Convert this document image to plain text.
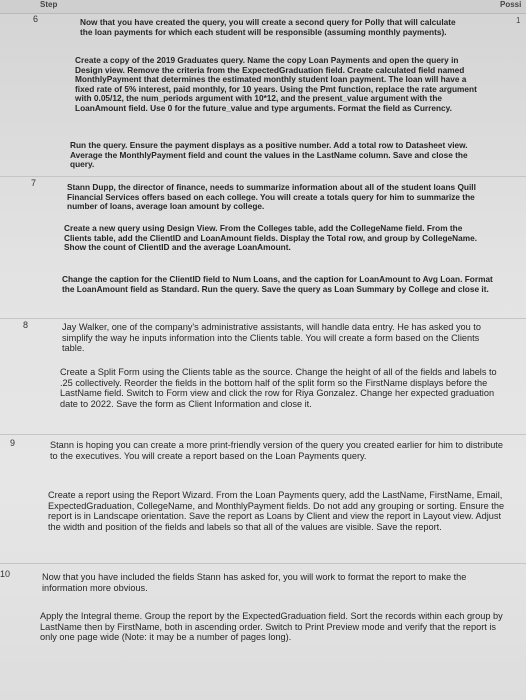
Step	Possi
1
6	Now that you have created the query, you will create a second query for Polly that will calculate the loan payments for which each student will be responsible (assuming monthly payments).

Create a copy of the 2019 Graduates query. Name the copy Loan Payments and open the query in Design view. Remove the criteria from the ExpectedGraduation field. Create calculated field named MonthlyPayment that determines the estimated monthly student loan payment. The loan will have a fixed rate of 5% interest, paid monthly, for 10 years. Using the Pmt function, replace the rate argument with 0.05/12, the num_periods argument with 10*12, and the present_value argument with the LoanAmount field. Use 0 for the future_value and type arguments. Format the field as Currency.

Run the query. Ensure the payment displays as a positive number. Add a total row to Datasheet view. Average the MonthlyPayment field and count the values in the LastName column. Save and close the query.

7	Stann Dupp, the director of finance, needs to summarize information about all of the student loans Quill Financial Services offers based on each college. You will create a totals query for him to summarize the number of loans, average loan amount by college.

Create a new query using Design View. From the Colleges table, add the CollegeName field. From the Clients table, add the ClientID and LoanAmount fields. Display the Total row, and group by CollegeName. Show the count of ClientID and the average LoanAmount.

Change the caption for the ClientID field to Num Loans, and the caption for LoanAmount to Avg Loan. Format the LoanAmount field as Standard. Run the query. Save the query as Loan Summary by College and close it.

8	Jay Walker, one of the company's administrative assistants, will handle data entry. He has asked you to simplify the way he inputs information into the Clients table. You will create a form based on the Clients table.

Create a Split Form using the Clients table as the source. Change the height of all of the fields and labels to .25 collectively. Reorder the fields in the bottom half of the split form so the FirstName displays before the LastName field. Switch to Form view and click the row for Riya Gonzalez. Change her expected graduation date to 2022. Save the form as Client Information and close it.

9	Stann is hoping you can create a more print-friendly version of the query you created earlier for him to distribute to the executives. You will create a report based on the Loan Payments query.

Create a report using the Report Wizard. From the Loan Payments query, add the LastName, FirstName, Email, ExpectedGraduation, CollegeName, and MonthlyPayment fields. Do not add any grouping or sorting. Ensure the report is in Landscape orientation. Save the report as Loans by Client and view the report in Layout view. Adjust the width and position of the fields and labels so that all of the values are visible. Save the report.

10	Now that you have included the fields Stann has asked for, you will work to format the report to make the information more obvious.

Apply the Integral theme. Group the report by the ExpectedGraduation field. Sort the records within each group by LastName then by FirstName, both in ascending order. Switch to Print Preview mode and verify that the report is only one page wide (Note: it may be a number of pages long).
